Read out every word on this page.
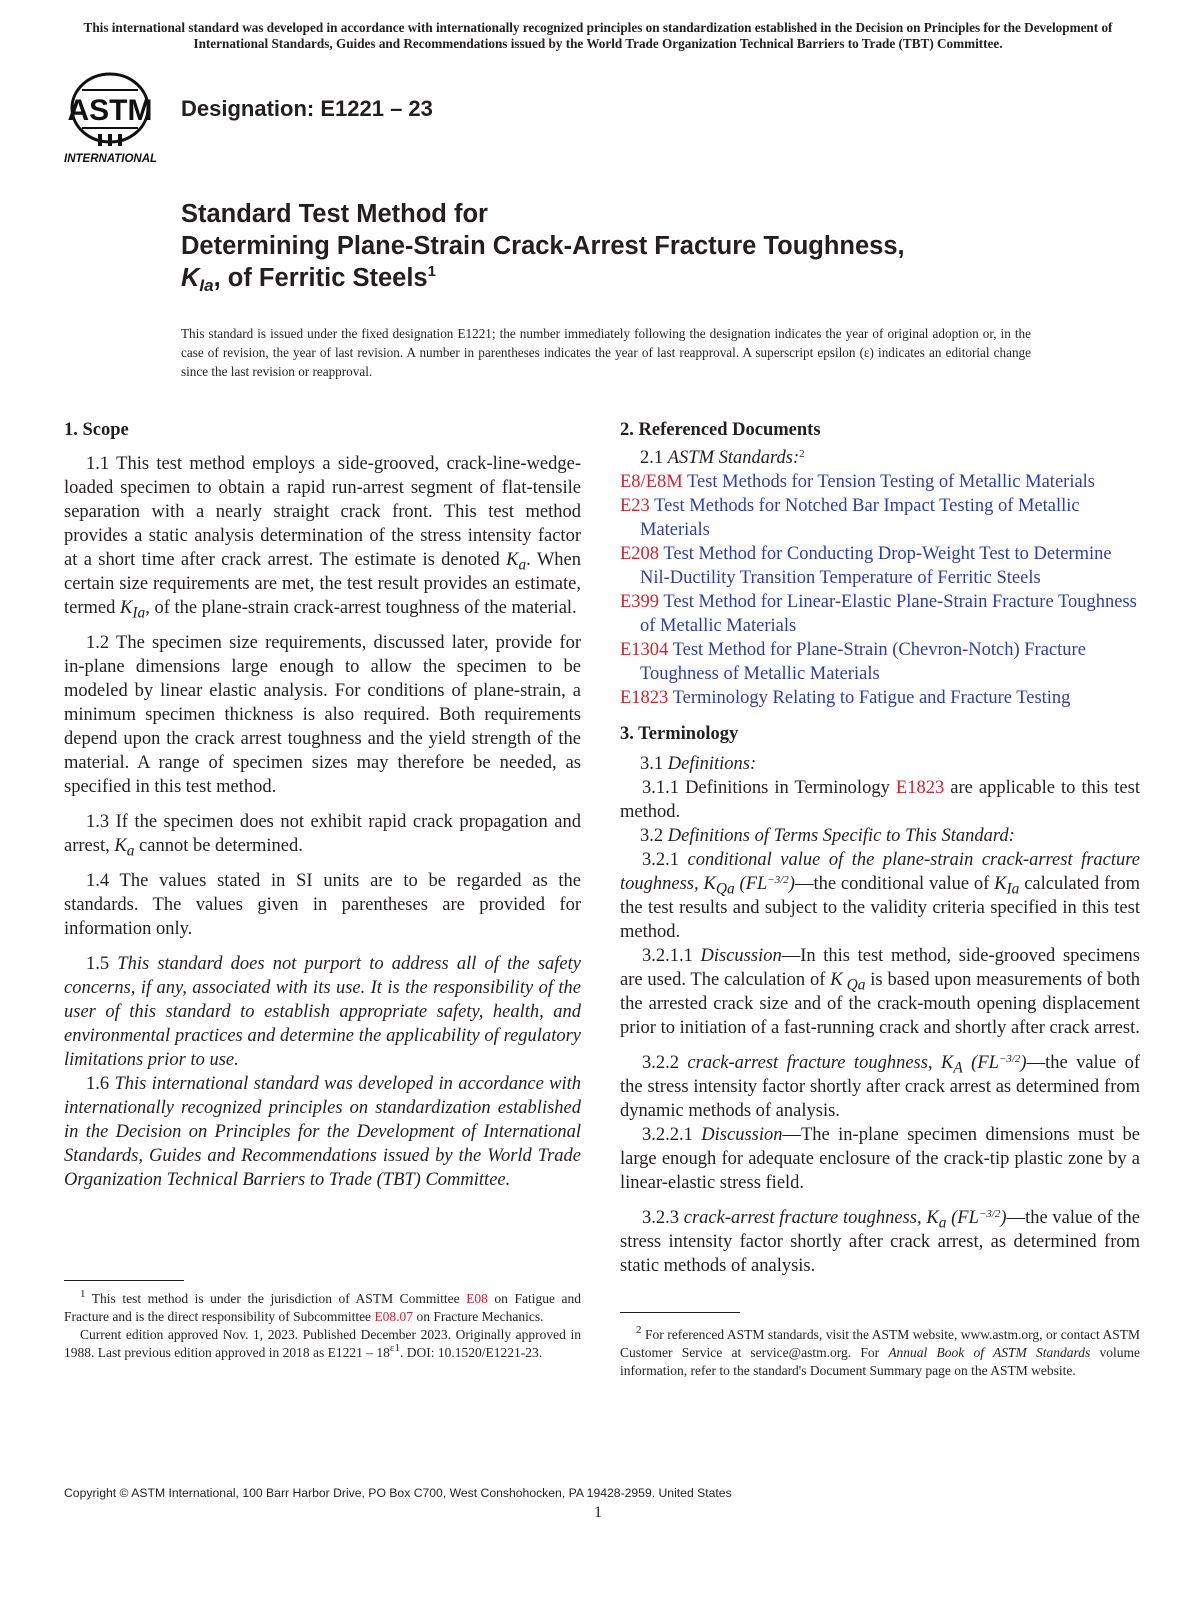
This international standard was developed in accordance with internationally recognized principles on standardization established in the Decision on Principles for the Development of International Standards, Guides and Recommendations issued by the World Trade Organization Technical Barriers to Trade (TBT) Committee.
ASTM
INTERNATIONAL
Designation: E1221 – 23
Standard Test Method for
Determining Plane-Strain Crack-Arrest Fracture Toughness,
$K_{Ia}$, of Ferritic Steels$^1$
This standard is issued under the fixed designation E1221; the number immediately following the designation indicates the year of original adoption or, in the case of revision, the year of last revision. A number in parentheses indicates the year of last reapproval. A superscript epsilon (ε) indicates an editorial change since the last revision or reapproval.
1. Scope

1.1 This test method employs a side-grooved, crack-line-wedge-loaded specimen to obtain a rapid run-arrest segment of flat-tensile separation with a nearly straight crack front. This test method provides a static analysis determination of the stress intensity factor at a short time after crack arrest. The estimate is denoted $K_a$. When certain size requirements are met, the test result provides an estimate, termed $K_{Ia}$, of the plane-strain crack-arrest toughness of the material.

1.2 The specimen size requirements, discussed later, provide for in-plane dimensions large enough to allow the specimen to be modeled by linear elastic analysis. For conditions of plane-strain, a minimum specimen thickness is also required. Both requirements depend upon the crack arrest toughness and the yield strength of the material. A range of specimen sizes may therefore be needed, as specified in this test method.

1.3 If the specimen does not exhibit rapid crack propagation and arrest, $K_a$ cannot be determined.

1.4 The values stated in SI units are to be regarded as the standards. The values given in parentheses are provided for information only.

1.5 This standard does not purport to address all of the safety concerns, if any, associated with its use. It is the responsibility of the user of this standard to establish appropriate safety, health, and environmental practices and determine the applicability of regulatory limitations prior to use.

1.6 This international standard was developed in accordance with internationally recognized principles on standardization established in the Decision on Principles for the Development of International Standards, Guides and Recommendations issued by the World Trade Organization Technical Barriers to Trade (TBT) Committee.

2. Referenced Documents
2.1 ASTM Standards:$^2$
E8/E8M Test Methods for Tension Testing of Metallic Materials
E23 Test Methods for Notched Bar Impact Testing of Metallic Materials
E208 Test Method for Conducting Drop-Weight Test to Determine Nil-Ductility Transition Temperature of Ferritic Steels
E399 Test Method for Linear-Elastic Plane-Strain Fracture Toughness of Metallic Materials
E1304 Test Method for Plane-Strain (Chevron-Notch) Fracture Toughness of Metallic Materials
E1823 Terminology Relating to Fatigue and Fracture Testing
3. Terminology
3.1 Definitions:

3.1.1 Definitions in Terminology E1823 are applicable to this test method.

3.2 Definitions of Terms Specific to This Standard:

3.2.1 conditional value of the plane-strain crack-arrest fracture toughness, $K_{Qa}$ $(FL^{-3/2})—the$ conditional value of $K_{Ia}$ calculated from the test results and subject to the validity criteria specified in this test method.

3.2.1.1 Discussion—In this test method, side-grooved specimens are used. The calculation of K $_{Qa}$ is based upon measurements of both the arrested crack size and of the crack-mouth opening displacement prior to initiation of a fast-running crack and shortly after crack arrest.

3.2.2 crack-arrest fracture toughness, $K_A$ $(FL^{-3/2})—the$ value of the stress intensity factor shortly after crack arrest as determined from dynamic methods of analysis.

3.2.2.1 Discussion—The in-plane specimen dimensions must be large enough for adequate enclosure of the crack-tip plastic zone by a linear-elastic stress field.

3.2.3 crack-arrest fracture toughness, $K_a$ $(FL^{-3/2})—the$ value of the stress intensity factor shortly after crack arrest, as determined from static methods of analysis.

$^1$ This test method is under the jurisdiction of ASTM Committee E08 on Fatigue and Fracture and is the direct responsibility of Subcommittee E08.07 on Fracture Mechanics.

Current edition approved Nov. 1, 2023. Published December 2023. Originally approved in 1988. Last previous edition approved in 2018 as $E1221 - 18^{\varepsilon 1}$. DOI: 10.1520/E1221-23.

$^2$ For referenced ASTM standards, visit the ASTM website, www.astm.org, or contact ASTM Customer Service at service@astm.org. For Annual Book of ASTM Standards volume information, refer to the standard's Document Summary page on the ASTM website.

Copyright © ASTM International, 100 Barr Harbor Drive, PO Box C700, West Conshohocken, PA 19428-2959. United States
1
